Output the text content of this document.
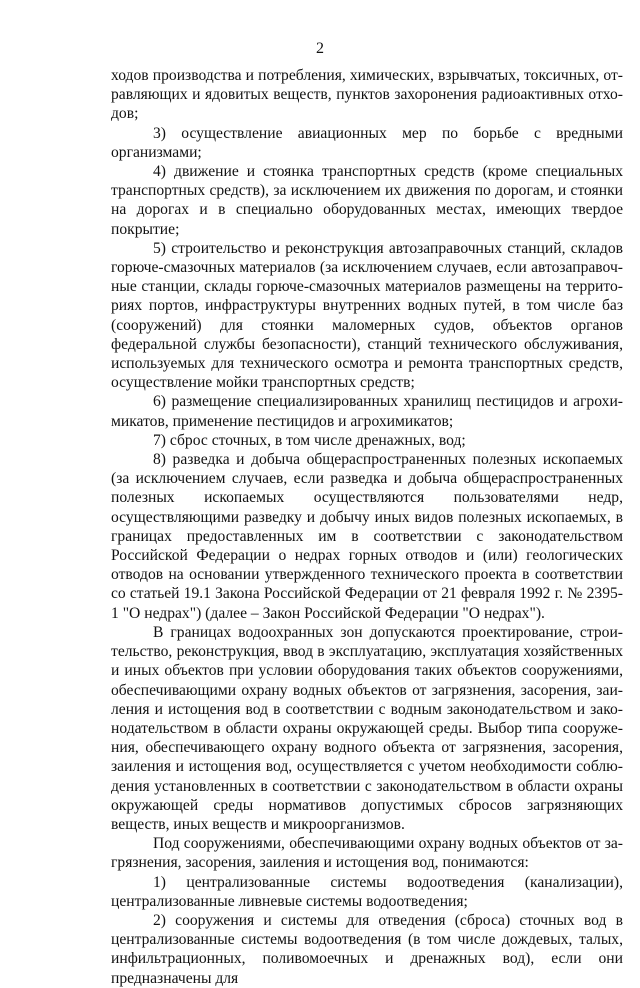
2

ходов производства и потребления, химических, взрывчатых, токсичных, отравляющих и ядовитых веществ, пунктов захоронения радиоактивных отходов;

3) осуществление авиационных мер по борьбе с вредными организмами;

4) движение и стоянка транспортных средств (кроме специальных транспортных средств), за исключением их движения по дорогам, и стоянки на дорогах и в специально оборудованных местах, имеющих твердое покрытие;

5) строительство и реконструкция автозаправочных станций, складов горюче-смазочных материалов (за исключением случаев, если автозаправочные станции, склады горюче-смазочных материалов размещены на территориях портов, инфраструктуры внутренних водных путей, в том числе баз (сооружений) для стоянки маломерных судов, объектов органов федеральной службы безопасности), станций технического обслуживания, используемых для технического осмотра и ремонта транспортных средств, осуществление мойки транспортных средств;

6) размещение специализированных хранилищ пестицидов и агрохимикатов, применение пестицидов и агрохимикатов;

7) сброс сточных, в том числе дренажных, вод;

8) разведка и добыча общераспространенных полезных ископаемых (за исключением случаев, если разведка и добыча общераспространенных полезных ископаемых осуществляются пользователями недр, осуществляющими разведку и добычу иных видов полезных ископаемых, в границах предоставленных им в соответствии с законодательством Российской Федерации о недрах горных отводов и (или) геологических отводов на основании утвержденного технического проекта в соответствии со статьей 19.1 Закона Российской Федерации от 21 февраля 1992 г. № 2395-1 "О недрах") (далее – Закон Российской Федерации "О недрах").

В границах водоохранных зон допускаются проектирование, строительство, реконструкция, ввод в эксплуатацию, эксплуатация хозяйственных и иных объектов при условии оборудования таких объектов сооружениями, обеспечивающими охрану водных объектов от загрязнения, засорения, заиления и истощения вод в соответствии с водным законодательством и законодательством в области охраны окружающей среды. Выбор типа сооружения, обеспечивающего охрану водного объекта от загрязнения, засорения, заиления и истощения вод, осуществляется с учетом необходимости соблюдения установленных в соответствии с законодательством в области охраны окружающей среды нормативов допустимых сбросов загрязняющих веществ, иных веществ и микроорганизмов.

Под сооружениями, обеспечивающими охрану водных объектов от загрязнения, засорения, заиления и истощения вод, понимаются:

1) централизованные системы водоотведения (канализации), централизованные ливневые системы водоотведения;

2) сооружения и системы для отведения (сброса) сточных вод в централизованные системы водоотведения (в том числе дождевых, талых, инфильтрационных, поливомоечных и дренажных вод), если они предназначены для
